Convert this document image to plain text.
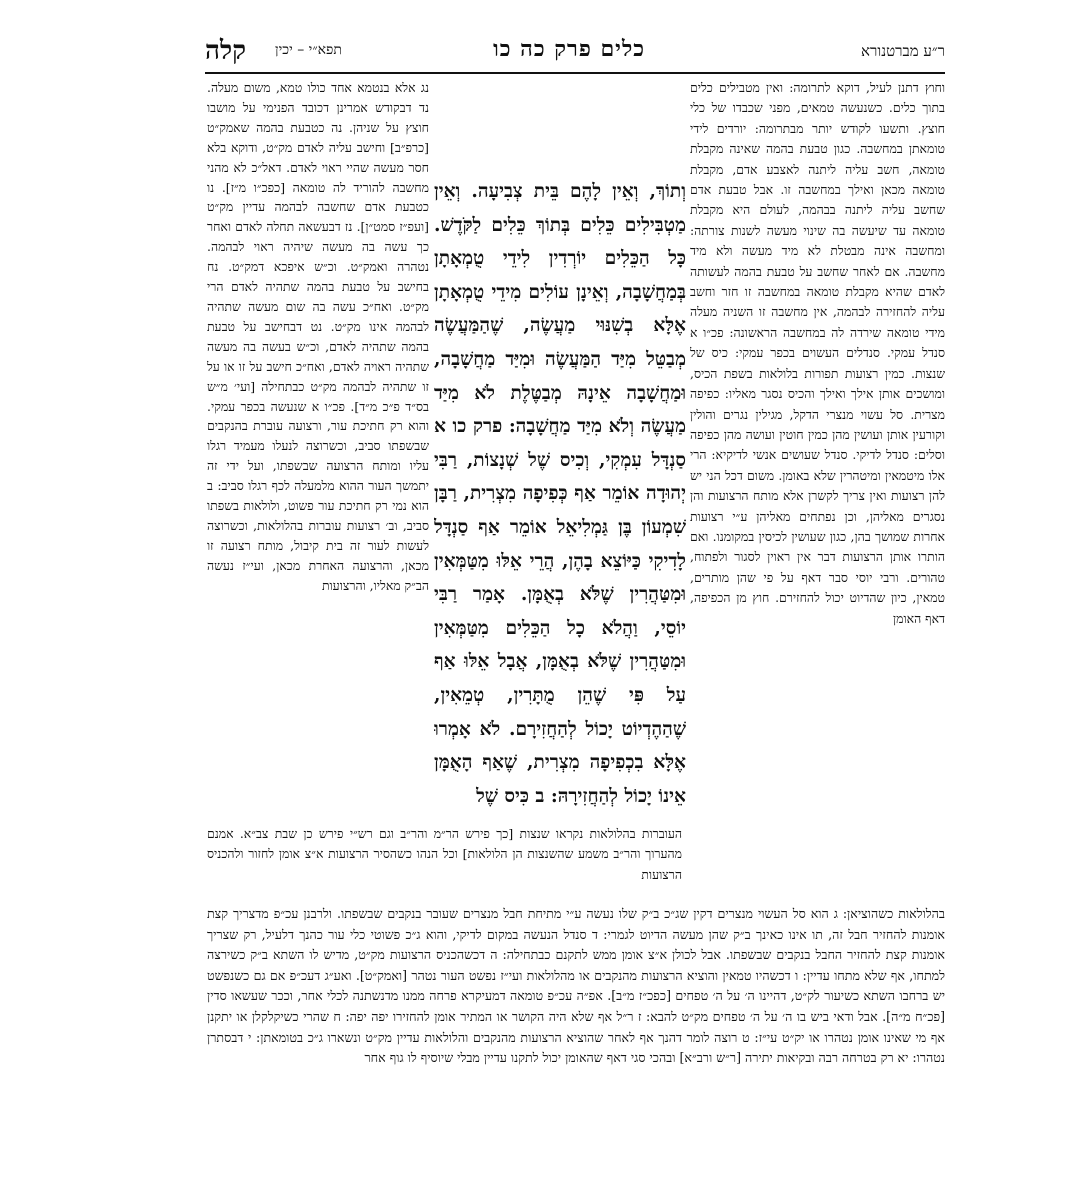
ר״ע מברטנורא
כלים פרק כה כו
תפא״י – יכין
קלה

וחוץ דתנן לעיל, דוקא לתרומה: ואין מטבילים כלים בתוך כלים. כשנעשה טמאים, מפני שכבדו של כלי חוצץ. ותשעו לקודש יותר מבתרומה: יורדים לידי טומאתן במחשבה. כגון טבעת בהמה שאינה מקבלת טומאה, חשב עליה ליתנה לאצבע אדם, מקבלת טומאה מכאן ואילך במחשבה זו. אבל טבעת אדם שחשב עליה ליתנה בבהמה, לעולם היא מקבלת טומאה עד שיעשה בה שינוי מעשה לשנות צורתה: ומחשבה אינה מבטלת לא מיד מעשה ולא מיד מחשבה. אם לאחר שחשב על טבעת בהמה לעשותה לאדם שהיא מקבלת טומאה במחשבה זו חזר וחשב עליה להחזירה לבהמה, אין מחשבה זו השניה מעלה מידי טומאה שירדה לה במחשבה הראשונה: פכ״ו א סנדל עמקי. סנדלים העשוים בכפר עמקי: כיס של שנצות. כמין רצועות תפורות בלולאות בשפת הכיס, ומושכים אותן אילך ואילך והכיס נסגר מאליו: כפיפה מצרית. סל עשוי מנצרי הדקל, מגילין נגרים והולין וקורעין אותן ועושין מהן כמין חוטין ועושה מהן כפיפה וסלים: סנדל לדיקי. סנדל שעושים אנשי לדיקיא: הרי אלו מיטמאין ומיטהרין שלא באומן. משום דכל הני יש להן רצועות ואין צריך לקשרן אלא מותח הרצועות והן נסגרים מאליהן, וכן נפתחים מאליהן ע״י רצועות אחרות שמושך בהן, כגון שעושין לכיסין במקומנו. ואם הותרו אותן הרצועות דבר אין ראוין לסגור ולפתוח, טהורים. ורבי יוסי סבר דאף על פי שהן מותרים, טמאין, כיון שהדיוט יכול להחזירם. חוץ מן הכפיפה, דאף האומן

וְתוֹךְ, וְאֵין לָהֶם בֵּית צְבִיעָה. וְאֵין מַטְבִּילִים כֵּלִים בְּתוֹךְ כֵּלִים לַקֹּדֶשׁ. כָּל הַכֵּלִים יוֹרְדִין לִידֵי טֻמְאָתָן בְּמַחֲשָׁבָה, וְאֵינָן עוֹלִים מִידֵי טֻמְאָתָן אֶלָּא בְשִׁנּוּי מַעֲשֶׂה, שֶׁהַמַּעֲשֶׂה מְבַטֵּל מִיַּד הַמַּעֲשֶׂה וּמִיַּד מַחֲשָׁבָה, וּמַחֲשָׁבָה אֵינָהּ מְבַטֶּלֶת לֹא מִיַּד מַעֲשֶׂה וְלֹא מִיַּד מַחֲשָׁבָה: פרק כו א סַנְדָּל עִמְקִי, וְכִיס שֶׁל שְׁנָצוֹת, רַבִּי יְהוּדָה אוֹמֵר אַף כְּפִיפָה מִצְרִית, רַבָּן שִׁמְעוֹן בֶּן גַּמְלִיאֵל אוֹמֵר אַף סַנְדָּל לָדִיקִי כַּיּוֹצֵא בָהֶן, הֲרֵי אֵלּוּ מִטַּמְּאִין וּמִטַּהֲרִין שֶׁלֹּא בְאֻמָּן. אָמַר רַבִּי יוֹסֵי, וַהֲלֹא כָל הַכֵּלִים מִטַּמְּאִין וּמִטַּהֲרִין שֶׁלֹּא בְאֻמָּן, אֲבָל אֵלּוּ אַף עַל פִּי שֶׁהֵן מֻתָּרִין, טְמֵאִין, שֶׁהַהֶדְיוֹט יָכוֹל לְהַחֲזִירָם. לֹא אָמְרוּ אֶלָּא בִכְפִיפָה מִצְרִית, שֶׁאַף הָאֻמָּן אֵינוֹ יָכוֹל לְהַחֲזִירָהּ: ב כִּיס שֶׁל

נג אלא בנטמא אחד כולו טמא, משום מעלה. נד דבקודש אמרינן דכובד הפנימי על מושבו חוצץ על שניהן. נה כטבעת בהמה שאמק״ט [כרפ״ב] וחישב עליה לאדם מק״ט, ודוקא בלא חסר מעשה שהיי ראוי לאדם. דאל״כ לא מהני מחשבה להוריד לה טומאה [כפכ״ו מ״ז]. נו כטבעת אדם שחשבה לבהמה עדיין מק״ט [ועפ״ז סמט״ן]. נז דבעשאה תחלה לאדם ואחר כך עשה בה מעשה שיהיה ראוי לבהמה. נטהרה ואמק״ט. וכ״ש איפכא דמק״ט. נח בחישב על טבעת בהמה שתהיה לאדם הרי מק״ט. ואח״כ עשה בה שום מעשה שתהיה לבהמה אינו מק״ט. נט דבחישב על טבעת בהמה שתהיה לאדם, וכ״ש בעשה בה מעשה שתהיה ראויה לאדם, ואח״כ חישב על זו או על זו שתהיה לבהמה מק״ט כבתחילה [ועי׳ מ״ש בס״ד פ״כ מ״ד]. פכ״ו א שנעשה בכפר עמקי. והוא רק חתיכת עור, ורצועה עוברת בהנקבים שבשפתו סביב, וכשרוצה לנעלו מעמיד רגלו עליו ומותח הרצועה שבשפתו, ועל ידי זה יתמשך העור ההוא מלמעלה לכף רגלו סביב: ב הוא נמי רק חתיכת עור פשוט, ולולאות בשפתו סביב, וב׳ רצועות עוברות בהלולאות, וכשרוצה לעשות לעור זה בית קיבול, מותח רצועה זו מכאן, והרצועה האחרת מכאן, ועי״ז נעשה הב״ק מאליו, והרצועות

העוברות בהלולאות נקראו שנצות [כך פירש הר״מ והר״ב וגם רש״י פירש כן שבת צב״א. אמנם מהערוך והר״ב משמע שהשנצות הן הלולאות] וכל הנהו כשהסיר הרצועות א״צ אומן לחזור ולהכניס הרצועות

בהלולאות כשהוציאן: ג הוא סל העשוי מנצרים דקין שג״כ ב״ק שלו נעשה ע״י מתיחת חבל מנצרים שעובר בנקבים שבשפתו. ולרבנן עכ״פ מדצריך קצת אומנות להחזיר חבל זה, תו אינו כאינך ב״ק שהן מעשה הדיוט לגמרי: ד סנדל הנעשה במקום לדיקי, והוא ג״כ פשוטי כלי עור כהנך דלעיל, רק שצריך אומנות קצת להחזיר החבל בנקבים שבשפתו. אבל לכולן א״צ אומן ממש לתקנם כבתחילה: ה דכשהכניס הרצועות מק״ט, מדיש לו השתא ב״ק כשירצה למתחו, אף שלא מתחו עדיין: ו דכשהיו טמאין והוציא הרצועות מהנקבים או מהלולאות ועי״ז נפשט העור נטהר [ואמק״ט]. ואע״ג דעכ״פ אם גם כשנפשט יש ברחבו השתא כשיעור לק״ט, דהיינו ה׳ על ה׳ טפחים [כפכ״ז מ״ב]. אפ״ה עכ״פ טומאה דמעיקרא פרחה ממנו מדנשתנה לכלי אחר, וככר שעשאו סדין [פכ״ח מ״ה]. אבל ודאי ביש בו ה׳ על ה׳ טפחים מק״ט להבא: ז ר״ל אף שלא היה הקושר או המתיר אומן להחזירו יפה יפה: ח שהרי כשיקלקלן או יתקנן אף מי שאינו אומן נטהרו או יק״ט עי״ז: ט רוצה לומר דהנך אף לאחר שהוציא הרצועות מהנקבים והלולאות עדיין מק״ט ונשארו ג״כ בטומאתן: י דבסתרן נטהרו: יא רק בטרחה רבה ובקיאות יתירה [ר״ש ורב״א] ובהכי סגי דאף שהאומן יכול לתקנו עדיין מבלי שיוסיף לו גוף אחר
